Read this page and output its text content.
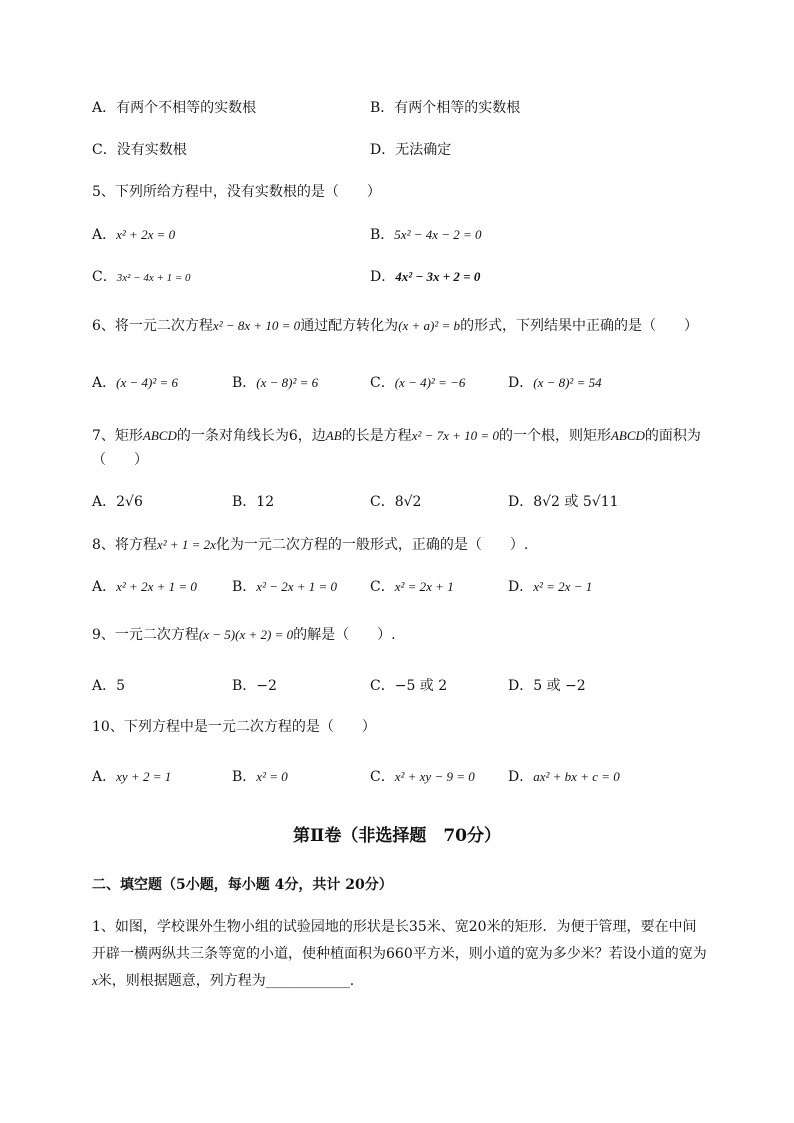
A．有两个不相等的实数根	B．有两个相等的实数根
C．没有实数根	D．无法确定
5、下列所给方程中，没有实数根的是（　　）
A．x² + 2x = 0	B．5x² − 4x − 2 = 0
C．3x² − 4x + 1 = 0	D．4x² − 3x + 2 = 0
6、将一元二次方程x² − 8x + 10 = 0通过配方转化为(x + a)² = b的形式，下列结果中正确的是（　　）
A．(x − 4)² = 6	B．(x − 8)² = 6	C．(x − 4)² = −6	D．(x − 8)² = 54
7、矩形ABCD的一条对角线长为6，边AB的长是方程x² − 7x + 10 = 0的一个根，则矩形ABCD的面积为
（　　）
A．2√6	B．12	C．8√2	D．8√2 或 5√11
8、将方程x² + 1 = 2x化为一元二次方程的一般形式，正确的是（　　）.
A．x² + 2x + 1 = 0	B．x² − 2x + 1 = 0 C．x² = 2x + 1	D．x² = 2x − 1
9、一元二次方程(x − 5)(x + 2) = 0的解是（　　）.
A．5	B．−2	C．−5 或 2	D．5 或 −2
10、下列方程中是一元二次方程的是（　　）
A．xy + 2 = 1	B．x² = 0	C．x² + xy − 9 = 0 D．ax² + bx + c = 0
第Ⅱ卷（非选择题　70分）
二、填空题（5小题，每小题 4分，共计 20分）
1、如图，学校课外生物小组的试验园地的形状是长35米、宽20米的矩形．为便于管理，要在中间
开辟一横两纵共三条等宽的小道，使种植面积为660平方米，则小道的宽为多少米？若设小道的宽为
x米，则根据题意，列方程为____________.
